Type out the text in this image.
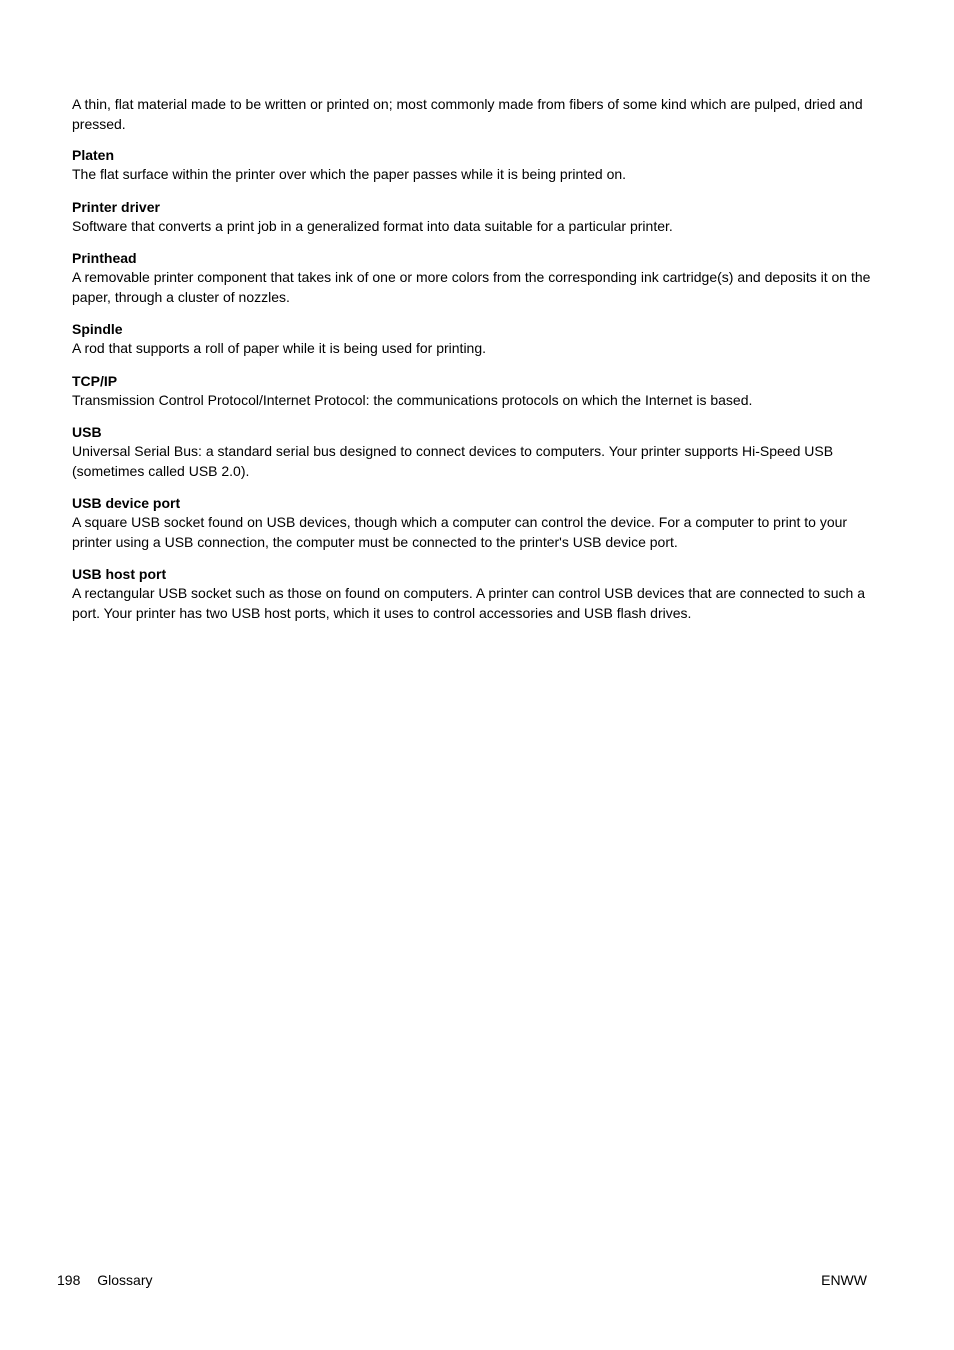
A thin, flat material made to be written or printed on; most commonly made from fibers of some kind which are pulped, dried and pressed.

Platen

The flat surface within the printer over which the paper passes while it is being printed on.

Printer driver

Software that converts a print job in a generalized format into data suitable for a particular printer.

Printhead

A removable printer component that takes ink of one or more colors from the corresponding ink cartridge(s) and deposits it on the paper, through a cluster of nozzles.

Spindle

A rod that supports a roll of paper while it is being used for printing.

TCP/IP

Transmission Control Protocol/Internet Protocol: the communications protocols on which the Internet is based.

USB

Universal Serial Bus: a standard serial bus designed to connect devices to computers. Your printer supports Hi-Speed USB (sometimes called USB 2.0).

USB device port

A square USB socket found on USB devices, though which a computer can control the device. For a computer to print to your printer using a USB connection, the computer must be connected to the printer's USB device port.

USB host port

A rectangular USB socket such as those on found on computers. A printer can control USB devices that are connected to such a port. Your printer has two USB host ports, which it uses to control accessories and USB flash drives.

198 Glossary	ENWW
